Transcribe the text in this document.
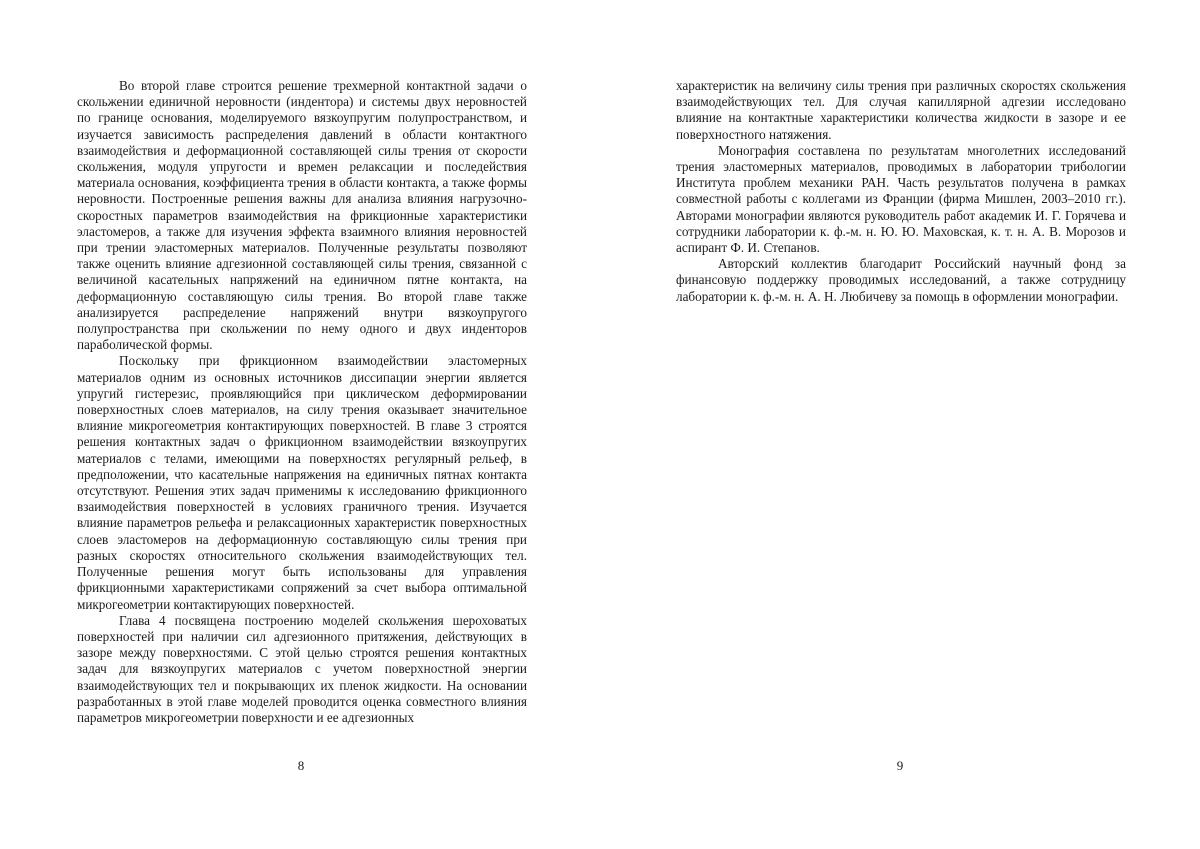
Во второй главе строится решение трехмерной контактной задачи о скольжении единичной неровности (индентора) и системы двух неровностей по границе основания, моделируемого вязкоупругим полупространством, и изучается зависимость распределения давлений в области контактного взаимодействия и деформационной составляющей силы трения от скорости скольжения, модуля упругости и времен релаксации и последействия материала основания, коэффициента трения в области контакта, а также формы неровности. Построенные решения важны для анализа влияния нагрузочно-скоростных параметров взаимодействия на фрикционные характеристики эластомеров, а также для изучения эффекта взаимного влияния неровностей при трении эластомерных материалов. Полученные результаты позволяют также оценить влияние адгезионной составляющей силы трения, связанной с величиной касательных напряжений на единичном пятне контакта, на деформационную составляющую силы трения. Во второй главе также анализируется распределение напряжений внутри вязкоупругого полупространства при скольжении по нему одного и двух инденторов параболической формы.

Поскольку при фрикционном взаимодействии эластомерных материалов одним из основных источников диссипации энергии является упругий гистерезис, проявляющийся при циклическом деформировании поверхностных слоев материалов, на силу трения оказывает значительное влияние микрогеометрия контактирующих поверхностей. В главе 3 строятся решения контактных задач о фрикционном взаимодействии вязкоупругих материалов с телами, имеющими на поверхностях регулярный рельеф, в предположении, что касательные напряжения на единичных пятнах контакта отсутствуют. Решения этих задач применимы к исследованию фрикционного взаимодействия поверхностей в условиях граничного трения. Изучается влияние параметров рельефа и релаксационных характеристик поверхностных слоев эластомеров на деформационную составляющую силы трения при разных скоростях относительного скольжения взаимодействующих тел. Полученные решения могут быть использованы для управления фрикционными характеристиками сопряжений за счет выбора оптимальной микрогеометрии контактирующих поверхностей.

Глава 4 посвящена построению моделей скольжения шероховатых поверхностей при наличии сил адгезионного притяжения, действующих в зазоре между поверхностями. С этой целью строятся решения контактных задач для вязкоупругих материалов с учетом поверхностной энергии взаимодействующих тел и покрывающих их пленок жидкости. На основании разработанных в этой главе моделей проводится оценка совместного влияния параметров микрогеометрии поверхности и ее адгезионных

8

характеристик на величину силы трения при различных скоростях скольжения взаимодействующих тел. Для случая капиллярной адгезии исследовано влияние на контактные характеристики количества жидкости в зазоре и ее поверхностного натяжения.

Монография составлена по результатам многолетних исследований трения эластомерных материалов, проводимых в лаборатории трибологии Института проблем механики РАН. Часть результатов получена в рамках совместной работы с коллегами из Франции (фирма Мишлен, 2003–2010 гг.). Авторами монографии являются руководитель работ академик И. Г. Горячева и сотрудники лаборатории к. ф.-м. н. Ю. Ю. Маховская, к. т. н. А. В. Морозов и аспирант Ф. И. Степанов.

Авторский коллектив благодарит Российский научный фонд за финансовую поддержку проводимых исследований, а также сотрудницу лаборатории к. ф.-м. н. А. Н. Любичеву за помощь в оформлении монографии.

9
